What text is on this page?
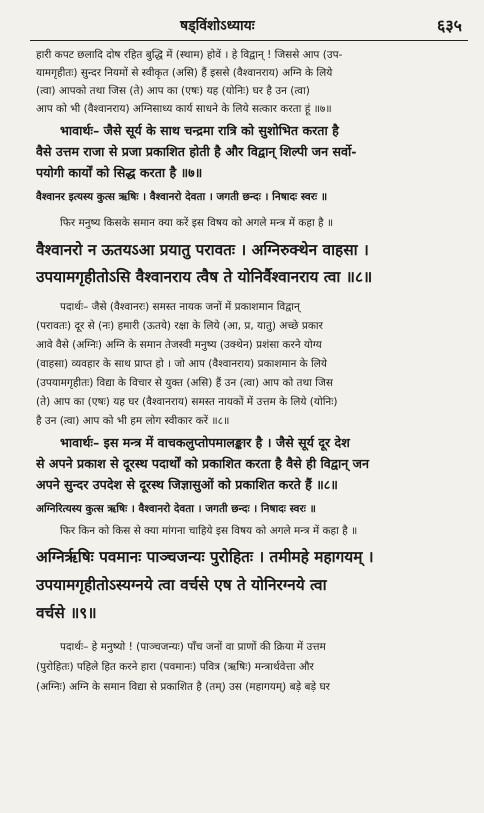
षड्विंशोऽध्यायः	६३५
हारी कपट छलादि दोष रहित बुद्धि में (स्थाम) होवें । हे विद्वान् ! जिससे आप (उप-
यामगृहीतः) सुन्दर नियमों से स्वीकृत (असि) हैं इससे (वैश्वानराय) अग्नि के लिये
(त्वा) आपको तथा जिस (ते) आप का (एषः) यह (योनिः) घर है उन (त्वा)
आप को भी (वैश्वानराय) अग्निसाध्य कार्य साधने के लिये सत्कार करता हूं ॥७॥
भावार्थः– जैसे सूर्य के साथ चन्द्रमा रात्रि को सुशोभित करता है
वैसे उत्तम राजा से प्रजा प्रकाशित होती है और विद्वान् शिल्पी जन सर्वो-
पयोगी कार्यों को सिद्ध करता है ॥७॥
वैश्वानर इत्यस्य कुत्स ऋषिः । वैश्वानरो देवता । जगती छन्दः । निषादः स्वरः ॥
फिर मनुष्य किसके समान क्या करें इस विषय को अगले मन्त्र में कहा है ॥
वैश्वानरो न ऊतयऽआ प्रयातु परावतः । अग्निरुक्थेन वाहसा ।
उपयामगृहीतोऽसि वैश्वानराय त्वैष ते योनिर्वैश्वानराय त्वा ॥८॥
पदार्थः– जैसे (वैश्वानरः) समस्त नायक जनों में प्रकाशमान विद्वान्
(परावतः) दूर से (नः) हमारी (ऊतये) रक्षा के लिये (आ, प्र, यातु) अच्छे प्रकार
आवे वैसे (अग्निः) अग्नि के समान तेजस्वी मनुष्य (उक्थेन) प्रशंसा करने योग्य
(वाहसा) व्यवहार के साथ प्राप्त हो । जो आप (वैश्वानराय) प्रकाशमान के लिये
(उपयामगृहीतः) विद्या के विचार से युक्त (असि) हैं उन (त्वा) आप को तथा जिस
(ते) आप का (एषः) यह घर (वैश्वानराय) समस्त नायकों में उत्तम के लिये (योनिः)
है उन (त्वा) आप को भी हम लोग स्वीकार करें ॥८॥
भावार्थः– इस मन्त्र में वाचकलुप्तोपमालङ्कार है । जैसे सूर्य दूर देश
से अपने प्रकाश से दूरस्थ पदार्थों को प्रकाशित करता है वैसे ही विद्वान् जन
अपने सुन्दर उपदेश से दूरस्थ जिज्ञासुओं को प्रकाशित करते हैं ॥८॥
अग्निरित्यस्य कुत्स ऋषिः । वैश्वानरो देवता । जगती छन्दः । निषादः स्वरः ॥
फिर किन को किस से क्या मांगना चाहिये इस विषय को अगले मन्त्र में कहा है ॥
अग्निर्ऋषिः पवमानः पाञ्चजन्यः पुरोहितः । तमीमहे महागयम् ।
उपयामगृहीतोऽस्यग्नये त्वा वर्चसे एष ते योनिरग्नये त्वा
वर्चसे ॥९॥
पदार्थः– हे मनुष्यो ! (पाञ्चजन्यः) पाँच जनों वा प्राणों की क्रिया में उत्तम
(पुरोहितः) पहिले हित करने हारा (पवमानः) पवित्र (ऋषिः) मन्त्रार्थवेत्ता और
(अग्निः) अग्नि के समान विद्या से प्रकाशित है (तम्) उस (महागयम्) बड़े बड़े घर
